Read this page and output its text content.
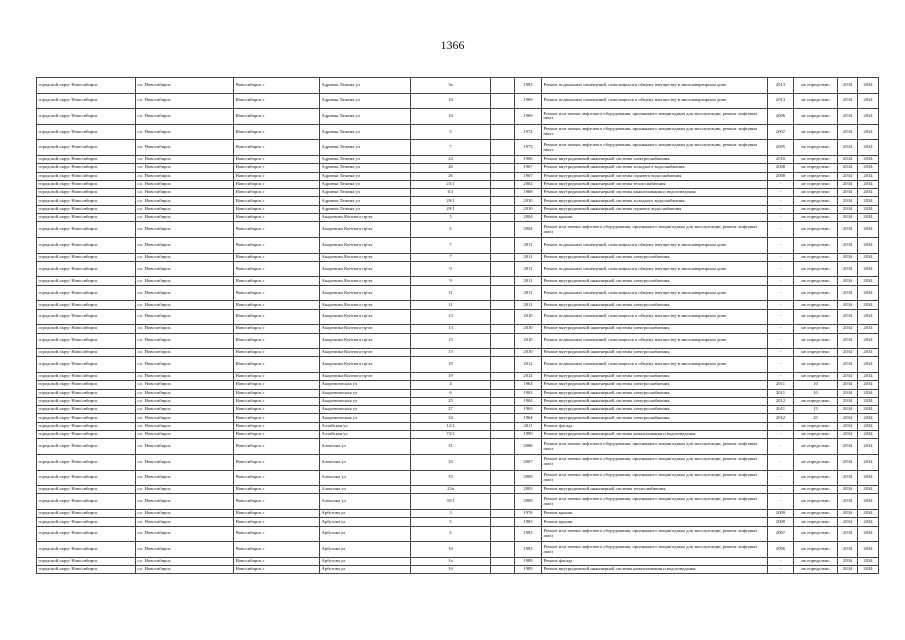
1366
городской округ Новосибирск	г.о. Новосибирск	Новосибирск г	Адриена Лежена ул	5а		1983	Ремонт подвальных помещений, относящихся к общему имуществу в многоквартирном доме	2013	не определено	2034	2034
городской округ Новосибирск	г.о. Новосибирск	Новосибирск г	Адриена Лежена ул	18		1969	Ремонт подвальных помещений, относящихся к общему имуществу в многоквартирном доме	2013	не определено	2034	2034
городской округ Новосибирск	г.о. Новосибирск	Новосибирск г	Адриена Лежена ул	18		1969	Ремонт или замена лифтового оборудования, признанного непригодным для эксплуатации, ремонт лифтовых шахт	2006	не определено	2034	2034
городской округ Новосибирск	г.о. Новосибирск	Новосибирск г	Адриена Лежена ул	5		1974	Ремонт или замена лифтового оборудования, признанного непригодным для эксплуатации, ремонт лифтовых шахт	2007	не определено	2034	2034
городской округ Новосибирск	г.о. Новосибирск	Новосибирск г	Адриена Лежена ул	7		1973	Ремонт или замена лифтового оборудования, признанного непригодным для эксплуатации, ремонт лифтовых шахт	2005	не определено	2034	2034
городской округ Новосибирск	г.о. Новосибирск	Новосибирск г	Адриена Лежена ул	24		1966	Ремонт внутридомовой инженерной системы электроснабжения	2010	не определено	2034	2034
городской округ Новосибирск	г.о. Новосибирск	Новосибирск г	Адриена Лежена ул	26		1967	Ремонт внутридомовой инженерной системы холодного водоснабжения	2008	не определено	2034	2034
городской округ Новосибирск	г.о. Новосибирск	Новосибирск г	Адриена Лежена ул	26		1967	Ремонт внутридомовой инженерной системы горячего водоснабжения	2008	не определено	2034	2034
городской округ Новосибирск	г.о. Новосибирск	Новосибирск г	Адриена Лежена ул	23/1		2002	Ремонт внутридомовой инженерной системы теплоснабжения	-	не определено	2034	2034
городской округ Новосибирск	г.о. Новосибирск	Новосибирск г	Адриена Лежена ул	6/1		1968	Ремонт внутридомовой инженерной системы канализования и водоотведения	-	не определено	2034	2034
городской округ Новосибирск	г.о. Новосибирск	Новосибирск г	Адриена Лежена ул	29/1		2010	Ремонт внутридомовой инженерной системы холодного водоснабжения	-	не определено	2034	2034
городской округ Новосибирск	г.о. Новосибирск	Новосибирск г	Адриена Лежена ул	29/1		2010	Ремонт внутридомовой инженерной системы горячего водоснабжения	-	не определено	2034	2034
городской округ Новосибирск	г.о. Новосибирск	Новосибирск г	Академика Коптюга пр-кт	5		2004	Ремонт крыши	-	не определено	2034	2034
городской округ Новосибирск	г.о. Новосибирск	Новосибирск г	Академика Коптюга пр-кт	5		2004	Ремонт или замена лифтового оборудования, признанного непригодным для эксплуатации, ремонт лифтовых шахт	-	не определено	2034	2034
городской округ Новосибирск	г.о. Новосибирск	Новосибирск г	Академика Коптюга пр-кт	7		2011	Ремонт подвальных помещений, относящихся к общему имуществу в многоквартирном доме	-	не определено	2034	2034
городской округ Новосибирск	г.о. Новосибирск	Новосибирск г	Академика Коптюга пр-кт	7		2011	Ремонт внутридомовой инженерной системы электроснабжения	-	не определено	2034	2034
городской округ Новосибирск	г.о. Новосибирск	Новосибирск г	Академика Коптюга пр-кт	9		2011	Ремонт подвальных помещений, относящихся к общему имуществу в многоквартирном доме	-	не определено	2034	2034
городской округ Новосибирск	г.о. Новосибирск	Новосибирск г	Академика Коптюга пр-кт	9		2011	Ремонт внутридомовой инженерной системы электроснабжения	-	не определено	2034	2034
городской округ Новосибирск	г.о. Новосибирск	Новосибирск г	Академика Коптюга пр-кт	11		2011	Ремонт подвальных помещений, относящихся к общему имуществу в многоквартирном доме	-	не определено	2034	2034
городской округ Новосибирск	г.о. Новосибирск	Новосибирск г	Академика Коптюга пр-кт	11		2011	Ремонт внутридомовой инженерной системы электроснабжения	-	не определено	2034	2034
городской округ Новосибирск	г.о. Новосибирск	Новосибирск г	Академика Коптюга пр-кт	13		2010	Ремонт подвальных помещений, относящихся к общему имуществу в многоквартирном доме	-	не определено	2034	2034
городской округ Новосибирск	г.о. Новосибирск	Новосибирск г	Академика Коптюга пр-кт	13		2010	Ремонт внутридомовой инженерной системы электроснабжения	-	не определено	2034	2034
городской округ Новосибирск	г.о. Новосибирск	Новосибирск г	Академика Коптюга пр-кт	15		2010	Ремонт подвальных помещений, относящихся к общему имуществу в многоквартирном доме	-	не определено	2034	2034
городской округ Новосибирск	г.о. Новосибирск	Новосибирск г	Академика Коптюга пр-кт	15		2010	Ремонт внутридомовой инженерной системы электроснабжения	-	не определено	2034	2034
городской округ Новосибирск	г.о. Новосибирск	Новосибирск г	Академика Коптюга пр-кт	19		2012	Ремонт подвальных помещений, относящихся к общему имуществу в многоквартирном доме	-	не определено	2034	2034
городской округ Новосибирск	г.о. Новосибирск	Новосибирск г	Академика Коптюга пр-кт	19		2012	Ремонт внутридомовой инженерной системы электроснабжения	-	не определено	2034	2034
городской округ Новосибирск	г.о. Новосибирск	Новосибирск г	Академическая ул	4		1964	Ремонт внутридомовой инженерной системы электроснабжения	2011	10	2034	2034
городской округ Новосибирск	г.о. Новосибирск	Новосибирск г	Академическая ул	6		1963	Ремонт внутридомовой инженерной системы электроснабжения	2011	10	2034	2034
городской округ Новосибирск	г.о. Новосибирск	Новосибирск г	Академическая ул	25		1964	Ремонт внутридомовой инженерной системы электроснабжения	2012	не определено	2034	2034
городской округ Новосибирск	г.о. Новосибирск	Новосибирск г	Академическая ул	27		1963	Ремонт внутридомовой инженерной системы электроснабжения	2011	15	2034	2034
городской округ Новосибирск	г.о. Новосибирск	Новосибирск г	Академическая ул	34		1964	Ремонт внутридомовой инженерной системы электроснабжения	2012	25	2034	2034
городской округ Новосибирск	г.о. Новосибирск	Новосибирск г	Алтайская ул	12/1		2011	Ремонт фасада	-	не определено	2034	2034
городской округ Новосибирск	г.о. Новосибирск	Новосибирск г	Алтайская ул	73/1		1990	Ремонт внутридомовой инженерной системы канализования и водоотведения	-	не определено	2034	2034
городской округ Новосибирск	г.о. Новосибирск	Новосибирск г	Алексина ул	31		2006	Ремонт или замена лифтового оборудования, признанного непригодным для эксплуатации, ремонт лифтовых шахт	-	не определено	2034	2034
городской округ Новосибирск	г.о. Новосибирск	Новосибирск г	Алексина ул	33		2007	Ремонт или замена лифтового оборудования, признанного непригодным для эксплуатации, ремонт лифтовых шахт	-	не определено	2034	2034
городской округ Новосибирск	г.о. Новосибирск	Новосибирск г	Алексина ул	35		2008	Ремонт или замена лифтового оборудования, признанного непригодным для эксплуатации, ремонт лифтовых шахт	-	не определено	2034	2034
городской округ Новосибирск	г.о. Новосибирск	Новосибирск г	Алексина ул	23а		2003	Ремонт внутридомовой инженерной системы теплоснабжения	-	не определено	2034	2034
городской округ Новосибирск	г.о. Новосибирск	Новосибирск г	Алексина ул	35/1		2008	Ремонт или замена лифтового оборудования, признанного непригодным для эксплуатации, ремонт лифтовых шахт	-	не определено	2034	2034
городской округ Новосибирск	г.о. Новосибирск	Новосибирск г	Арбузова ул	3		1976	Ремонт крыши	2009	не определено	2034	2034
городской округ Новосибирск	г.о. Новосибирск	Новосибирск г	Арбузова ул	5		1983	Ремонт крыши	2009	не определено	2034	2034
городской округ Новосибирск	г.о. Новосибирск	Новосибирск г	Арбузова ул	5		1983	Ремонт или замена лифтового оборудования, признанного непригодным для эксплуатации, ремонт лифтовых шахт	2007	не определено	2034	2034
городской округ Новосибирск	г.о. Новосибирск	Новосибирск г	Арбузова ул	16		1983	Ремонт или замена лифтового оборудования, признанного непригодным для эксплуатации, ремонт лифтовых шахт	2006	не определено	2034	2034
городской округ Новосибирск	г.о. Новосибирск	Новосибирск г	Арбузова ул	1а		1989	Ремонт фасада	-	не определено	2034	2034
городской округ Новосибирск	г.о. Новосибирск	Новосибирск г	Арбузова ул	1б		1989	Ремонт внутридомовой инженерной системы канализования и водоотведения	-	не определено	2034	2034
